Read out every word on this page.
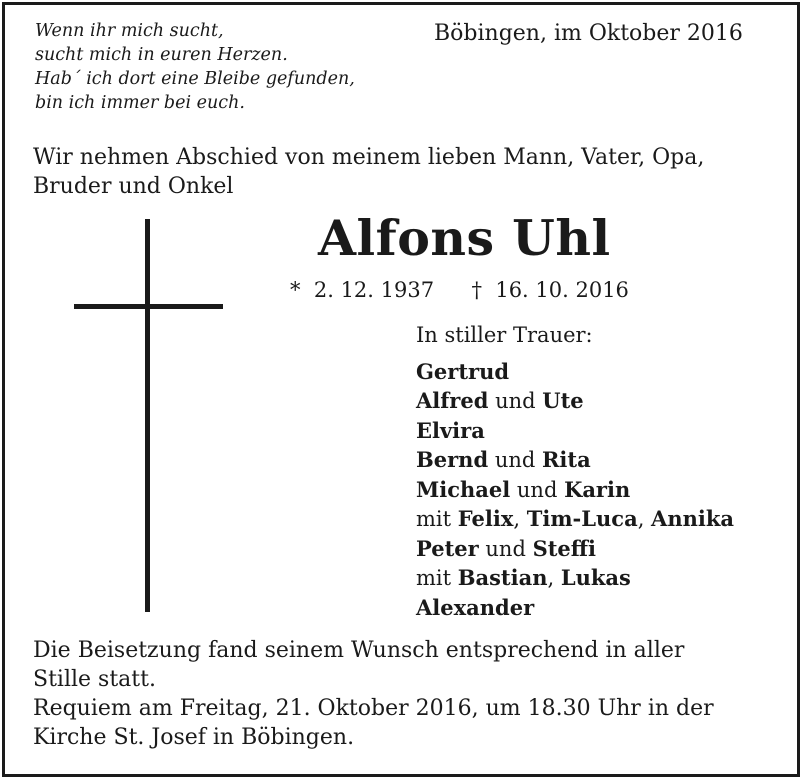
Wenn ihr mich sucht,
sucht mich in euren Herzen.
Hab´ ich dort eine Bleibe gefunden,
bin ich immer bei euch.
Böbingen, im Oktober 2016
Wir nehmen Abschied von meinem lieben Mann, Vater, Opa,
Bruder und Onkel
Alfons Uhl
* 2. 12. 1937 † 16. 10. 2016
In stiller Trauer:
Gertrud
Alfred und Ute
Elvira
Bernd und Rita
Michael und Karin
mit Felix, Tim-Luca, Annika
Peter und Steffi
mit Bastian, Lukas
Alexander
Die Beisetzung fand seinem Wunsch entsprechend in aller
Stille statt.
Requiem am Freitag, 21. Oktober 2016, um 18.30 Uhr in der
Kirche St. Josef in Böbingen.
